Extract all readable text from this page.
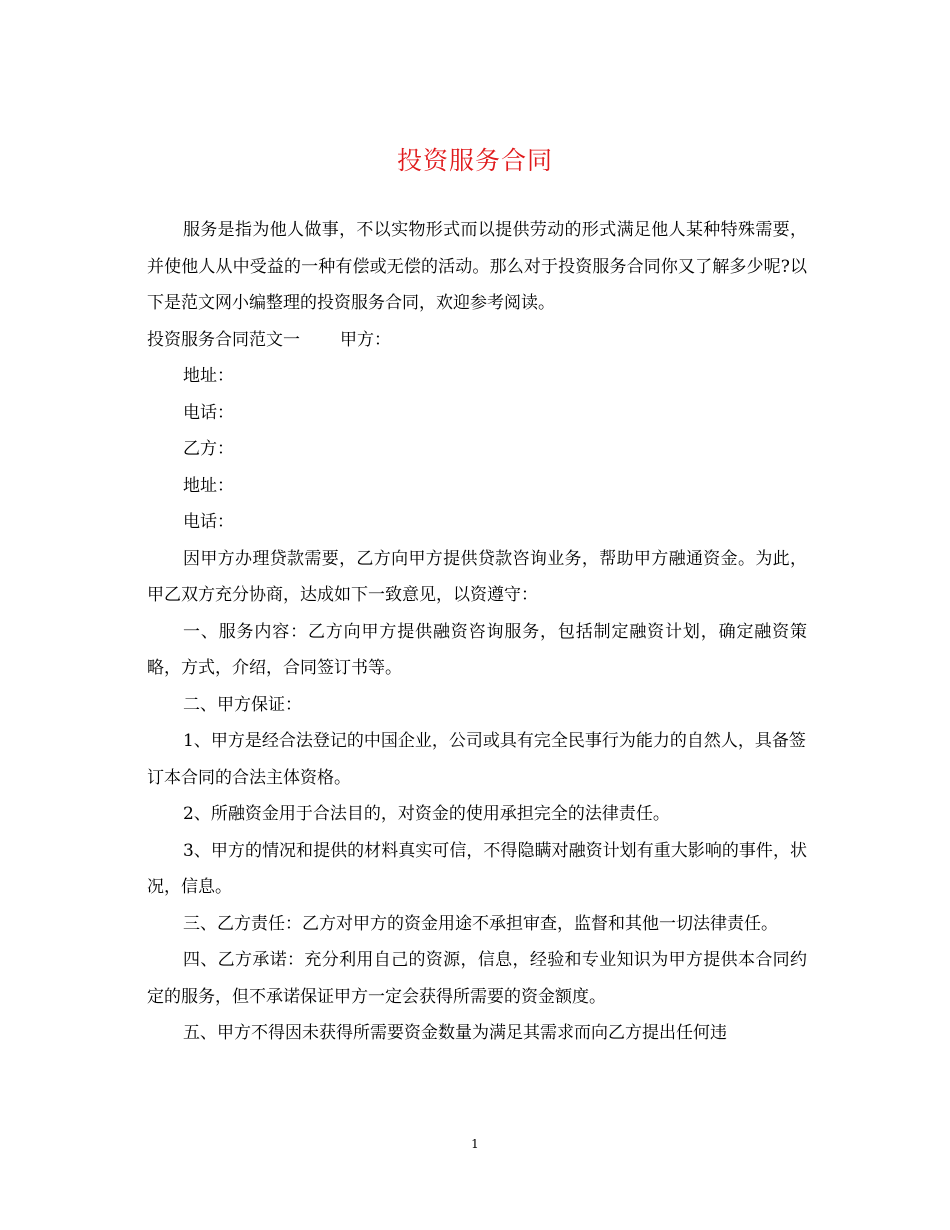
投资服务合同

服务是指为他人做事，不以实物形式而以提供劳动的形式满足他人某种特殊需要，并使他人从中受益的一种有偿或无偿的活动。那么对于投资服务合同你又了解多少呢?以下是范文网小编整理的投资服务合同，欢迎参考阅读。

投资服务合同范文一 甲方：

地址：

电话：

乙方：

地址：

电话：

因甲方办理贷款需要，乙方向甲方提供贷款咨询业务，帮助甲方融通资金。为此，甲乙双方充分协商，达成如下一致意见，以资遵守：

一、服务内容：乙方向甲方提供融资咨询服务，包括制定融资计划，确定融资策略，方式，介绍，合同签订书等。

二、甲方保证：

1、甲方是经合法登记的中国企业，公司或具有完全民事行为能力的自然人，具备签订本合同的合法主体资格。

2、所融资金用于合法目的，对资金的使用承担完全的法律责任。

3、甲方的情况和提供的材料真实可信，不得隐瞒对融资计划有重大影响的事件，状况，信息。

三、乙方责任：乙方对甲方的资金用途不承担审查，监督和其他一切法律责任。

四、乙方承诺：充分利用自己的资源，信息，经验和专业知识为甲方提供本合同约定的服务，但不承诺保证甲方一定会获得所需要的资金额度。

五、甲方不得因未获得所需要资金数量为满足其需求而向乙方提出任何违

1
